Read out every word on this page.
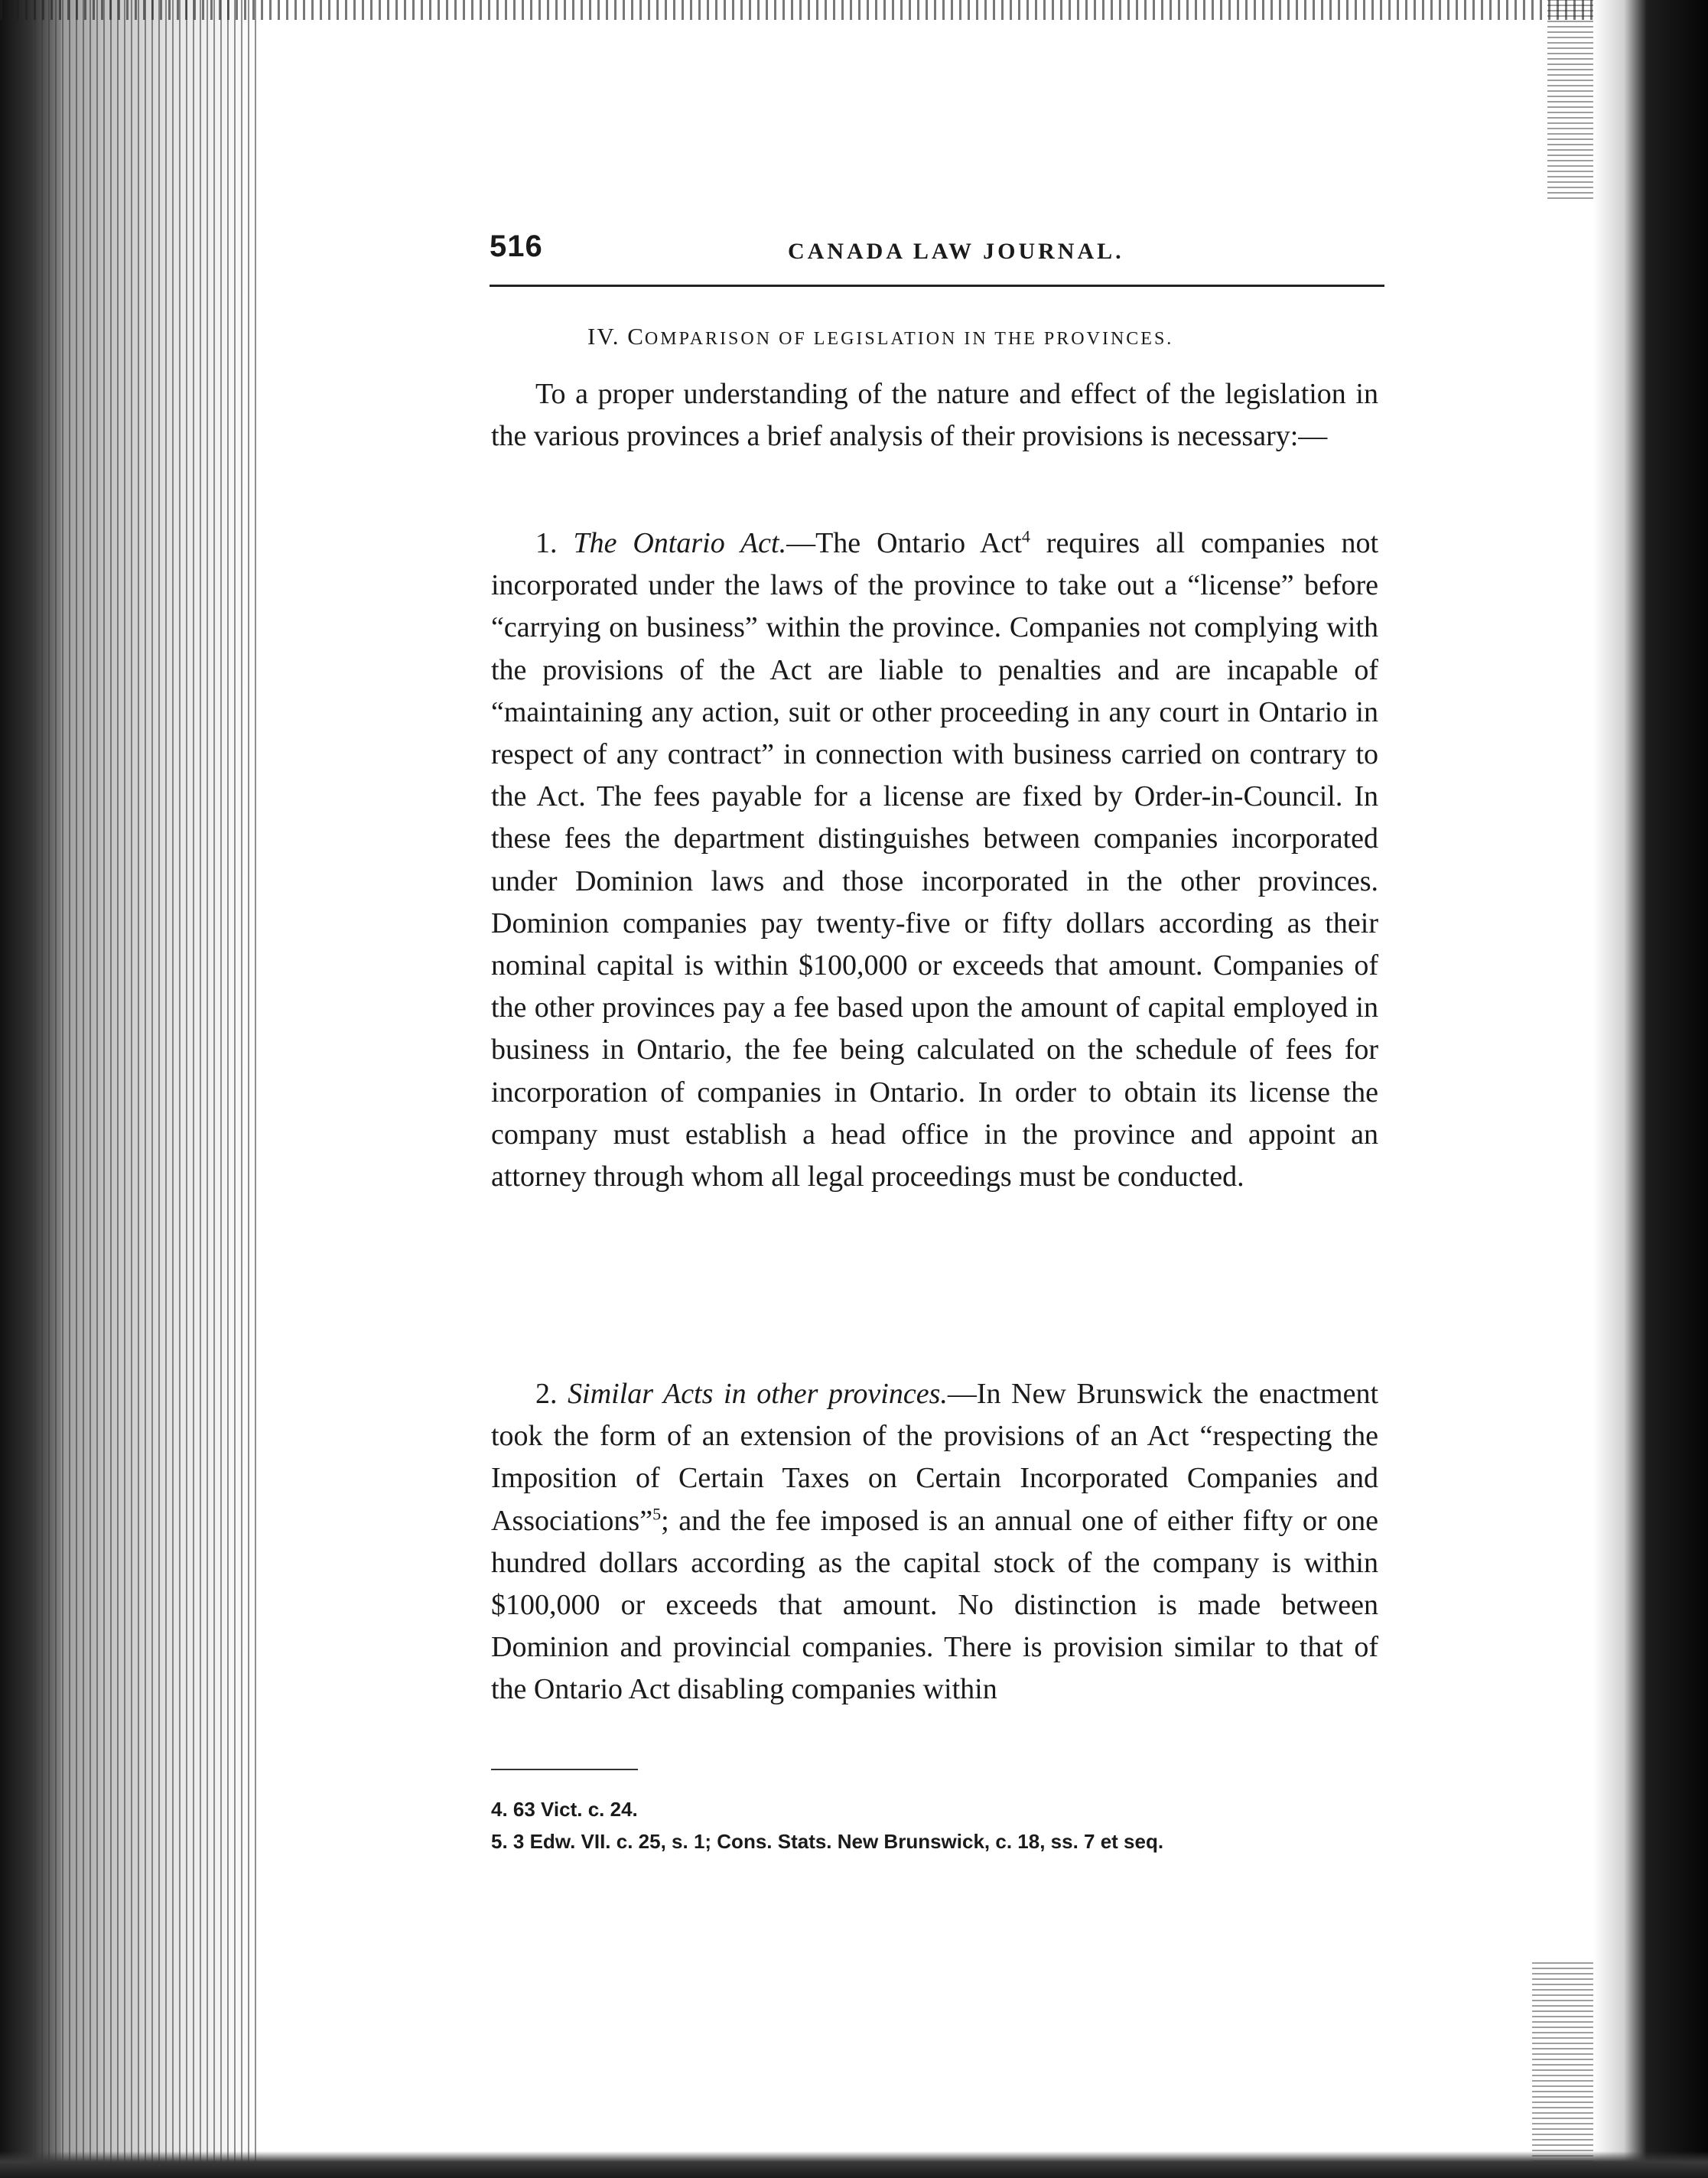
516	CANADA LAW JOURNAL.
IV. COMPARISON OF LEGISLATION IN THE PROVINCES.
To a proper understanding of the nature and effect of the legislation in the various provinces a brief analysis of their provisions is necessary:—
1. The Ontario Act.—The Ontario Act$^4$ requires all companies not incorporated under the laws of the province to take out a “license” before “carrying on business” within the province. Companies not complying with the provisions of the Act are liable to penalties and are incapable of “maintaining any action, suit or other proceeding in any court in Ontario in respect of any contract” in connection with business carried on contrary to the Act. The fees payable for a license are fixed by Order-in-Council. In these fees the department distinguishes between companies incorporated under Dominion laws and those incorporated in the other provinces. Dominion companies pay twenty-five or fifty dollars according as their nominal capital is within $100,000 or exceeds that amount. Companies of the other provinces pay a fee based upon the amount of capital employed in business in Ontario, the fee being calculated on the schedule of fees for incorporation of companies in Ontario. In order to obtain its license the company must establish a head office in the province and appoint an attorney through whom all legal proceedings must be conducted.
2. Similar Acts in other provinces.—In New Brunswick the enactment took the form of an extension of the provisions of an Act “respecting the Imposition of Certain Taxes on Certain Incorporated Companies and Associations”$^5$; and the fee imposed is an annual one of either fifty or one hundred dollars according as the capital stock of the company is within $100,000 or exceeds that amount. No distinction is made between Dominion and provincial companies. There is provision similar to that of the Ontario Act disabling companies within
4. 63 Vict. c. 24.
5. 3 Edw. VII. c. 25, s. 1; Cons. Stats. New Brunswick, c. 18, ss. 7 et seq.
